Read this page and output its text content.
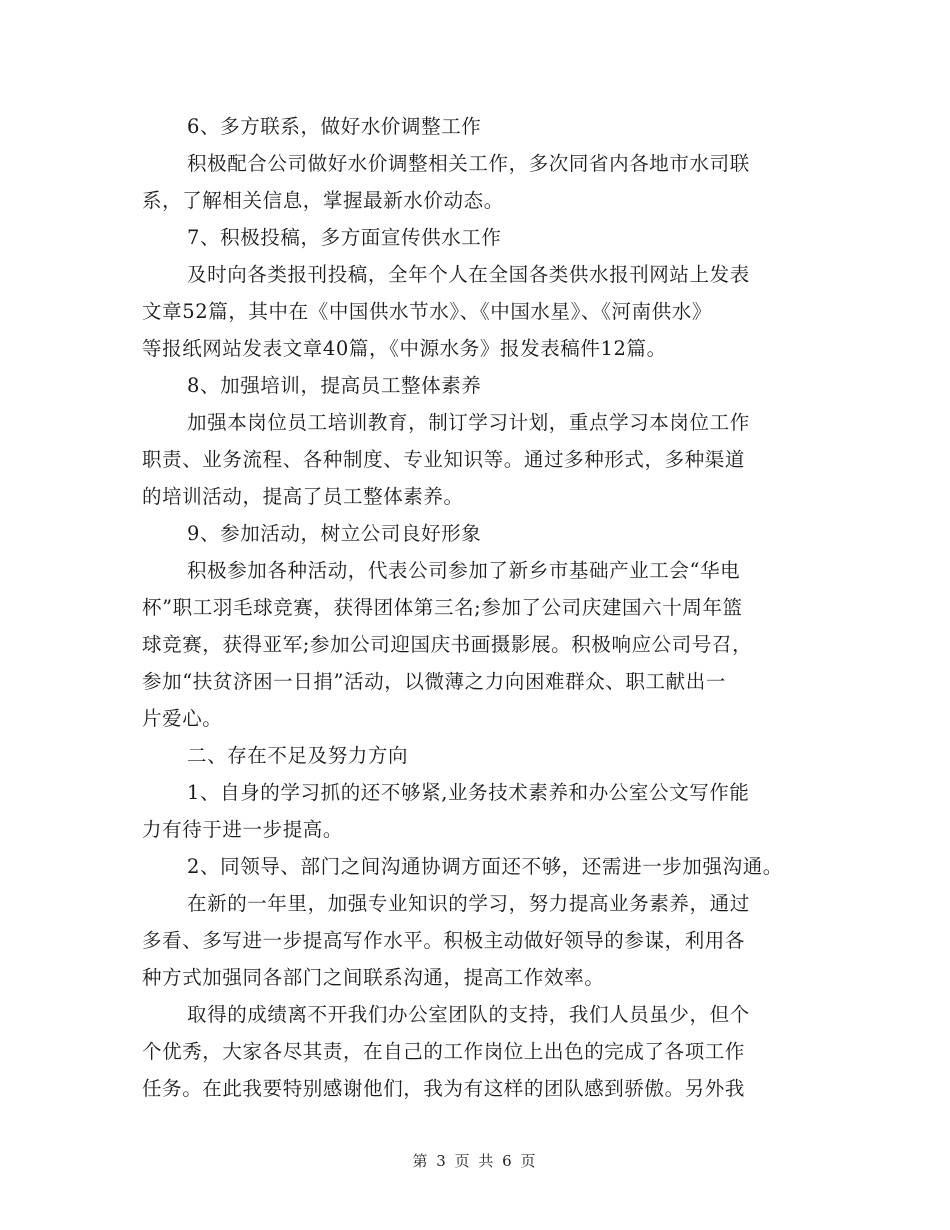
6、多方联系，做好水价调整工作
积极配合公司做好水价调整相关工作，多次同省内各地市水司联
系，了解相关信息，掌握最新水价动态。
7、积极投稿，多方面宣传供水工作
及时向各类报刊投稿，全年个人在全国各类供水报刊网站上发表
文章52篇，其中在《中国供水节水》、《中国水星》、《河南供水》
等报纸网站发表文章40篇，《中源水务》报发表稿件12篇。
8、加强培训，提高员工整体素养
加强本岗位员工培训教育，制订学习计划，重点学习本岗位工作
职责、业务流程、各种制度、专业知识等。通过多种形式，多种渠道
的培训活动，提高了员工整体素养。
9、参加活动，树立公司良好形象
积极参加各种活动，代表公司参加了新乡市基础产业工会“华电
杯”职工羽毛球竞赛，获得团体第三名;参加了公司庆建国六十周年篮
球竞赛，获得亚军;参加公司迎国庆书画摄影展。积极响应公司号召，
参加“扶贫济困一日捐”活动，以微薄之力向困难群众、职工献出一
片爱心。
二、存在不足及努力方向
1、自身的学习抓的还不够紧,业务技术素养和办公室公文写作能
力有待于进一步提高。
2、同领导、部门之间沟通协调方面还不够，还需进一步加强沟通。
在新的一年里，加强专业知识的学习，努力提高业务素养，通过
多看、多写进一步提高写作水平。积极主动做好领导的参谋，利用各
种方式加强同各部门之间联系沟通，提高工作效率。
取得的成绩离不开我们办公室团队的支持，我们人员虽少，但个
个优秀，大家各尽其责，在自己的工作岗位上出色的完成了各项工作
任务。在此我要特别感谢他们，我为有这样的团队感到骄傲。另外我
第 3 页 共 6 页
